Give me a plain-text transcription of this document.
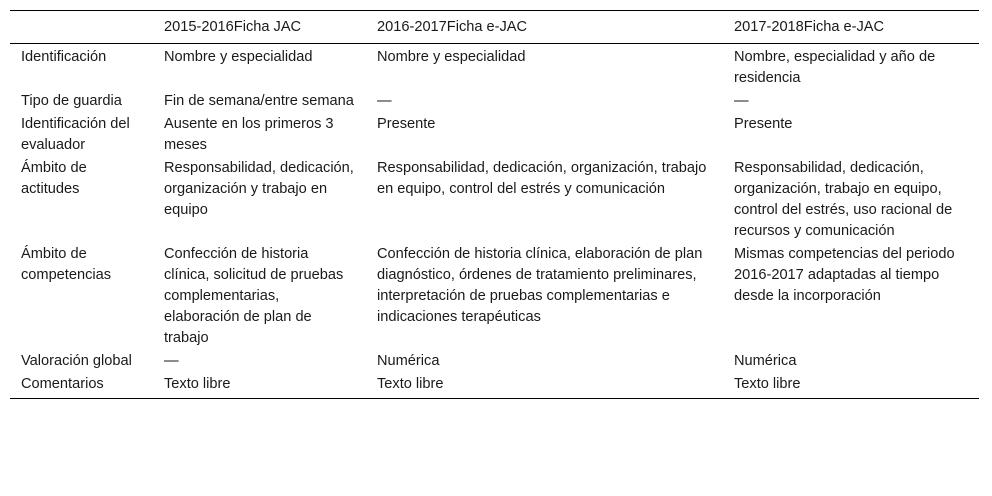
	2015-2016Ficha JAC	2016-2017Ficha e-JAC	2017-2018Ficha e-JAC
Identificación	Nombre y especialidad	Nombre y especialidad	Nombre, especialidad y año de residencia
Tipo de guardia	Fin de semana/entre semana	—	—
Identificación del evaluador	Ausente en los primeros 3 meses	Presente	Presente
Ámbito de actitudes	Responsabilidad, dedicación, organización y trabajo en equipo	Responsabilidad, dedicación, organización, trabajo en equipo, control del estrés y comunicación	Responsabilidad, dedicación, organización, trabajo en equipo, control del estrés, uso racional de recursos y comunicación
Ámbito de competencias	Confección de historia clínica, solicitud de pruebas complementarias, elaboración de plan de trabajo	Confección de historia clínica, elaboración de plan diagnóstico, órdenes de tratamiento preliminares, interpretación de pruebas complementarias e indicaciones terapéuticas	Mismas competencias del periodo 2016-2017 adaptadas al tiempo desde la incorporación
Valoración global	—	Numérica	Numérica
Comentarios	Texto libre	Texto libre	Texto libre
